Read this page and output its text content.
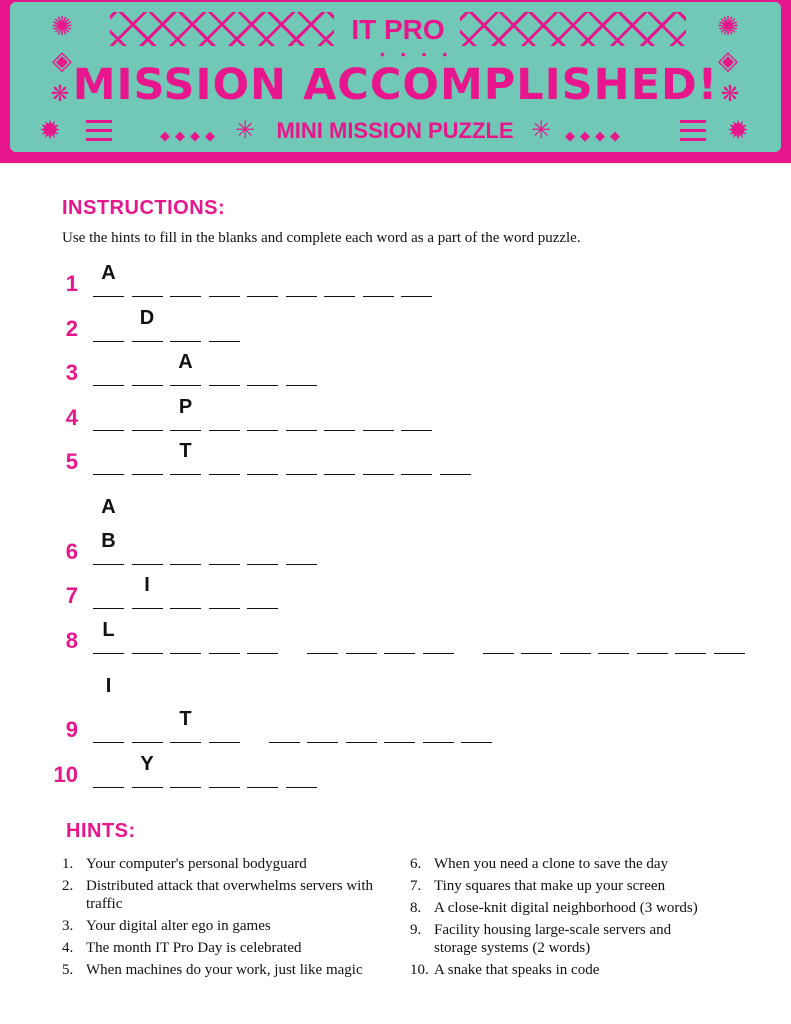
• • • •
✺
◈
❋
✺
◈
❋
✹	✹
◆◆◆◆	◆◆◆◆
✳	✳
IT PRO
MISSION ACCOMPLISHED!
MINI MISSION PUZZLE
INSTRUCTIONS:
Use the hints to fill in the blanks and complete each word as a part of the word puzzle.
1	A
2	D
3	A
4	P
5	T
6	B
7	I
8	L
9	T
10	Y
A
I
HINTS:
1. Your computer's personal bodyguard
2. Distributed attack that overwhelms servers with traffic
3. Your digital alter ego in games
4. The month IT Pro Day is celebrated
5. When machines do your work, just like magic
6. When you need a clone to save the day
7. Tiny squares that make up your screen
8. A close-knit digital neighborhood (3 words)
9. Facility housing large-scale servers and storage systems (2 words)
10. A snake that speaks in code
